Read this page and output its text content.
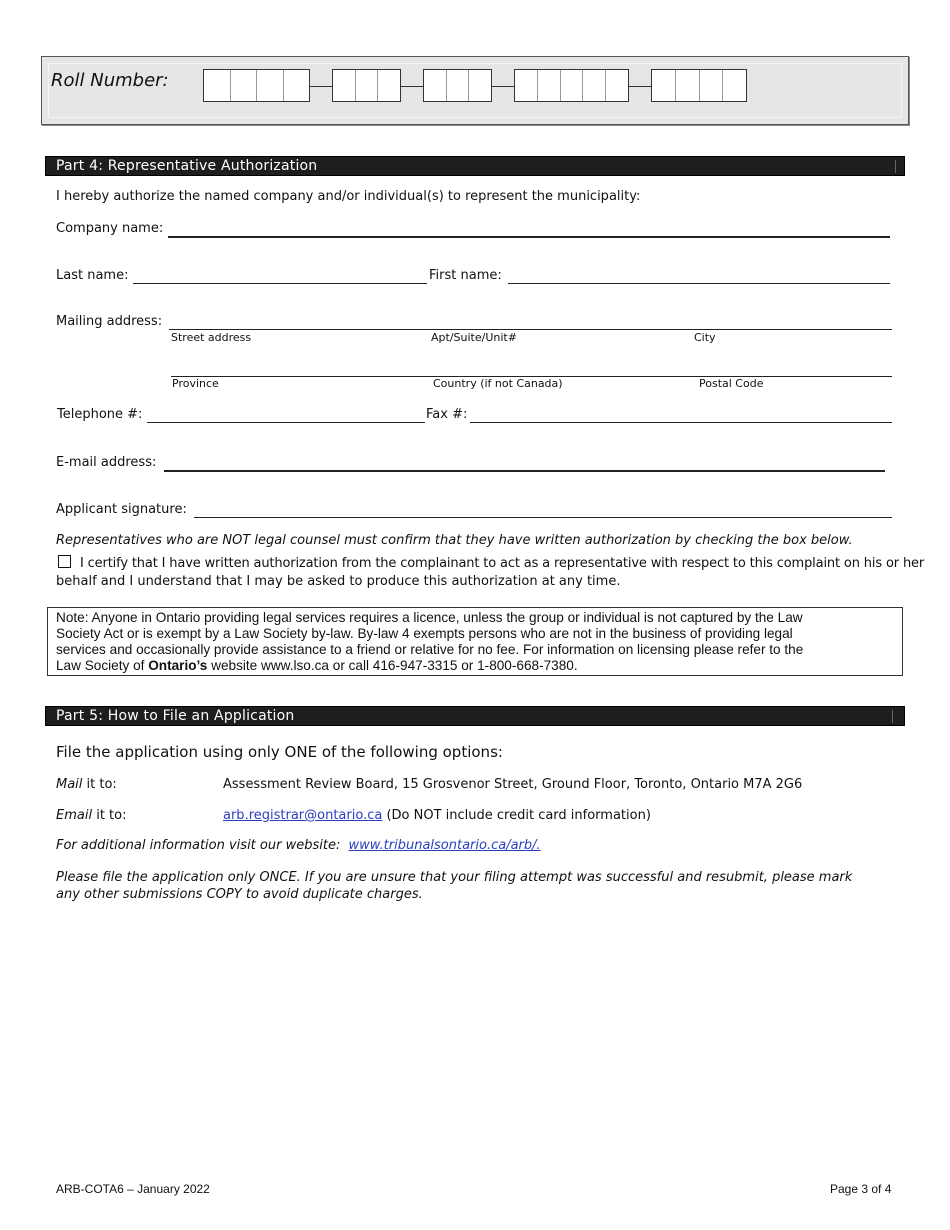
Roll Number:
Part 4: Representative Authorization
I hereby authorize the named company and/or individual(s) to represent the municipality:
Company name:
Last name:	First name:
Mailing address:
Street address	Apt/Suite/Unit#	City
Province	Country (if not Canada)	Postal Code
Telephone #:	Fax #:
E-mail address:
Applicant signature:
Representatives who are NOT legal counsel must confirm that they have written authorization by checking the box below.
I certify that I have written authorization from the complainant to act as a representative with respect to this complaint on his or her
behalf and I understand that I may be asked to produce this authorization at any time.
Note: Anyone in Ontario providing legal services requires a licence, unless the group or individual is not captured by the Law
Society Act or is exempt by a Law Society by-law. By-law 4 exempts persons who are not in the business of providing legal
services and occasionally provide assistance to a friend or relative for no fee. For information on licensing please refer to the
Law Society of Ontario’s website www.lso.ca or call 416-947-3315 or 1-800-668-7380.
Part 5: How to File an Application
File the application using only ONE of the following options:
Mail it to:	Assessment Review Board, 15 Grosvenor Street, Ground Floor, Toronto, Ontario M7A 2G6
Email it to:	arb.registrar@ontario.ca (Do NOT include credit card information)
For additional information visit our website: www.tribunalsontario.ca/arb/.
Please file the application only ONCE. If you are unsure that your filing attempt was successful and resubmit, please mark
any other submissions COPY to avoid duplicate charges.
ARB-COTA6 – January 2022	Page 3 of 4
